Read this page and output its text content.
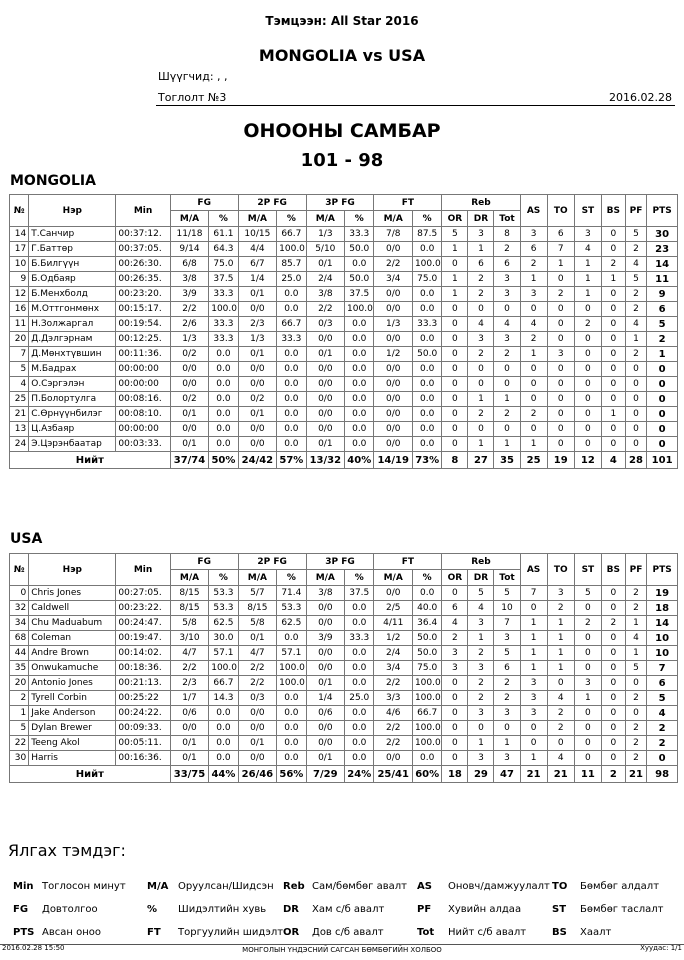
Тэмцээн: All Star 2016
MONGOLIA vs USA
Шүүгчид: , ,
Тоглолт №3	2016.02.28
ОНООНЫ САМБАР
101 - 98
MONGOLIA
№	Нэр	Min	FG		2P FG		3P FG		FT		Reb			AS	TO	ST	BS	PF	PTS
			M/A	%	M/A	%	M/A	%	M/A	%	OR	DR	Tot						
14	Т.Санчир	00:37:12.	11/18	61.1	10/15	66.7	1/3	33.3	7/8	87.5	5	3	8	3	6	3	0	5	30
17	Г.Баттөр	00:37:05.	9/14	64.3	4/4	100.0	5/10	50.0	0/0	0.0	1	1	2	6	7	4	0	2	23
10	Б.Билгүүн	00:26:30.	6/8	75.0	6/7	85.7	0/1	0.0	2/2	100.0	0	6	6	2	1	1	2	4	14
9	Б.Одбаяр	00:26:35.	3/8	37.5	1/4	25.0	2/4	50.0	3/4	75.0	1	2	3	1	0	1	1	5	11
12	Б.Менхболд	00:23:20.	3/9	33.3	0/1	0.0	3/8	37.5	0/0	0.0	1	2	3	3	2	1	0	2	9
16	М.Оттгонмөнх	00:15:17.	2/2	100.0	0/0	0.0	2/2	100.0	0/0	0.0	0	0	0	0	0	0	0	2	6
11	Н.Золжаргал	00:19:54.	2/6	33.3	2/3	66.7	0/3	0.0	1/3	33.3	0	4	4	4	0	2	0	4	5
20	Д.Дэлгэрнам	00:12:25.	1/3	33.3	1/3	33.3	0/0	0.0	0/0	0.0	0	3	3	2	0	0	0	1	2
7	Д.Мөнхтүвшин	00:11:36.	0/2	0.0	0/1	0.0	0/1	0.0	1/2	50.0	0	2	2	1	3	0	0	2	1
5	М.Бадрах	00:00:00	0/0	0.0	0/0	0.0	0/0	0.0	0/0	0.0	0	0	0	0	0	0	0	0	0
4	О.Сэргэлэн	00:00:00	0/0	0.0	0/0	0.0	0/0	0.0	0/0	0.0	0	0	0	0	0	0	0	0	0
25	П.Болортулга	00:08:16.	0/2	0.0	0/2	0.0	0/0	0.0	0/0	0.0	0	1	1	0	0	0	0	0	0
21	С.Өрнүүнбилэг	00:08:10.	0/1	0.0	0/1	0.0	0/0	0.0	0/0	0.0	0	2	2	2	0	0	1	0	0
13	Ц.Азбаяр	00:00:00	0/0	0.0	0/0	0.0	0/0	0.0	0/0	0.0	0	0	0	0	0	0	0	0	0
24	Э.Цэрэнбаатар	00:03:33.	0/1	0.0	0/0	0.0	0/1	0.0	0/0	0.0	0	1	1	1	0	0	0	0	0
Нийт			37/74	50%	24/42	57%	13/32	40%	14/19	73%	8	27	35	25	19	12	4	28	101
USA
№	Нэр	Min	FG		2P FG		3P FG		FT		Reb			AS	TO	ST	BS	PF	PTS
			M/A	%	M/A	%	M/A	%	M/A	%	OR	DR	Tot						
0	Chris Jones	00:27:05.	8/15	53.3	5/7	71.4	3/8	37.5	0/0	0.0	0	5	5	7	3	5	0	2	19
32	Caldwell	00:23:22.	8/15	53.3	8/15	53.3	0/0	0.0	2/5	40.0	6	4	10	0	2	0	0	2	18
34	Chu Maduabum	00:24:47.	5/8	62.5	5/8	62.5	0/0	0.0	4/11	36.4	4	3	7	1	1	2	2	1	14
68	Coleman	00:19:47.	3/10	30.0	0/1	0.0	3/9	33.3	1/2	50.0	2	1	3	1	1	0	0	4	10
44	Andre Brown	00:14:02.	4/7	57.1	4/7	57.1	0/0	0.0	2/4	50.0	3	2	5	1	1	0	0	1	10
35	Onwukamuche	00:18:36.	2/2	100.0	2/2	100.0	0/0	0.0	3/4	75.0	3	3	6	1	1	0	0	5	7
20	Antonio Jones	00:21:13.	2/3	66.7	2/2	100.0	0/1	0.0	2/2	100.0	0	2	2	3	0	3	0	0	6
2	Tyrell Corbin	00:25:22	1/7	14.3	0/3	0.0	1/4	25.0	3/3	100.0	0	2	2	3	4	1	0	2	5
1	Jake Anderson	00:24:22.	0/6	0.0	0/0	0.0	0/6	0.0	4/6	66.7	0	3	3	3	2	0	0	0	4
5	Dylan Brewer	00:09:33.	0/0	0.0	0/0	0.0	0/0	0.0	2/2	100.0	0	0	0	0	2	0	0	2	2
22	Teeng Akol	00:05:11.	0/1	0.0	0/1	0.0	0/0	0.0	2/2	100.0	0	1	1	0	0	0	0	2	2
30	Harris	00:16:36.	0/1	0.0	0/0	0.0	0/1	0.0	0/0	0.0	0	3	3	1	4	0	0	2	0
Нийт			33/75	44%	26/46	56%	7/29	24%	25/41	60%	18	29	47	21	21	11	2	21	98
Ялгах тэмдэг:
Min Тоглосон минут M/A Оруулсан/Шидсэн Reb Сам/бөмбөг авалт AS Оновч/дамжуулалт TO Бөмбөг алдалт
FG Довтолгоо	% Шидэлтийн хувь DR Хам с/б авалт	PF Хувийн алдаа	ST Бөмбөг таслалт
PTS Авсан оноо	FT Торгуулийн шидэлт OR Дов с/б авалт	Tot Нийт с/б авалт	BS Хаалт
2016.02.28 15:50	МОНГОЛЫН ҮНДЭСНИЙ САГСАН БӨМБӨГИЙН ХОЛБОО	Хуудас: 1/1
